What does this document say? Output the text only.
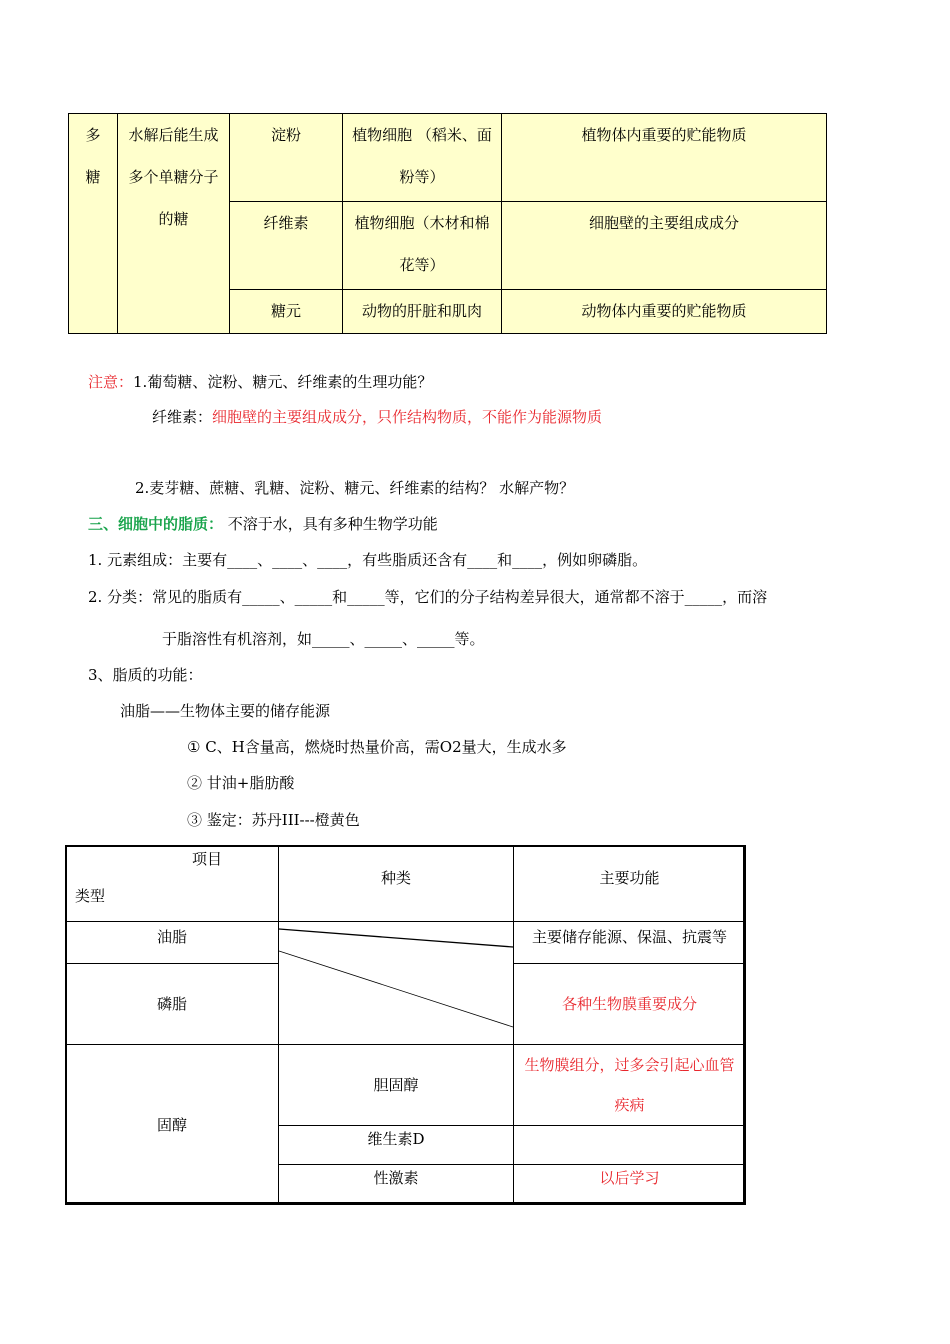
多糖	水解后能生成多个单糖分子的糖	淀粉	植物细胞 （稻米、面粉等）	植物体内重要的贮能物质
		纤维素	植物细胞（木材和棉花等）	细胞壁的主要组成成分
		糖元	动物的肝脏和肌肉	动物体内重要的贮能物质
注意：1.葡萄糖、淀粉、糖元、纤维素的生理功能？
纤维素：细胞壁的主要组成成分，只作结构物质，不能作为能源物质
2.麦芽糖、蔗糖、乳糖、淀粉、糖元、纤维素的结构？ 水解产物？
三、细胞中的脂质： 不溶于水，具有多种生物学功能
1. 元素组成：主要有____、____、____，有些脂质还含有____和____，例如卵磷脂。
2. 分类：常见的脂质有_____、_____和_____等，它们的分子结构差异很大，通常都不溶于_____，而溶
于脂溶性有机溶剂，如_____、_____、_____等。
3、脂质的功能：
油脂——生物体主要的储存能源
① C、H含量高，燃烧时热量价高，需O2量大，生成水多
② 甘油+脂肪酸
③ 鉴定：苏丹III---橙黄色
项目
类型	种类	主要功能
油脂		主要储存能源、保温、抗震等
磷脂		各种生物膜重要成分
固醇	胆固醇	生物膜组分，过多会引起心血管疾病
	维生素D	
	性激素	以后学习
